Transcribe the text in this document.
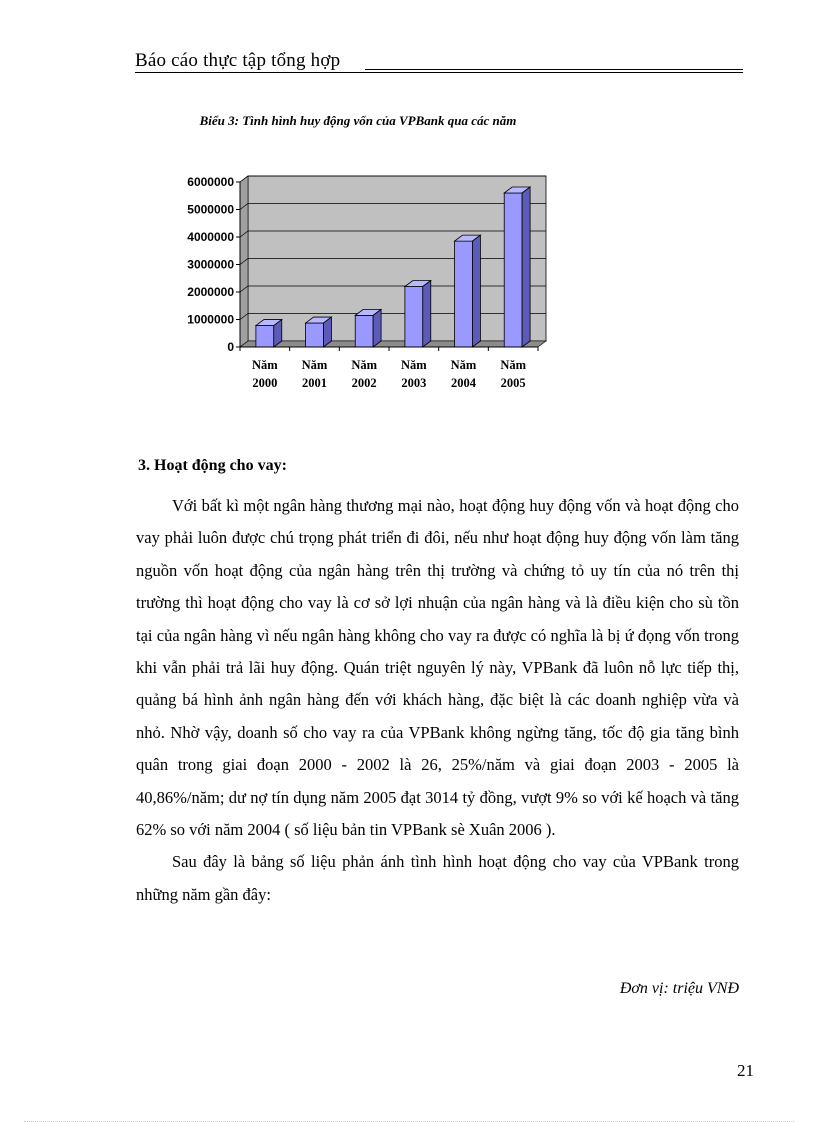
Báo cáo thực tập tổng hợp
Biểu 3: Tình hình huy động vốn của VPBank qua các năm
0
1000000
2000000
3000000
4000000
5000000
6000000
Năm 2000
Năm 2001
Năm 2002
Năm 2003
Năm 2004
Năm 2005
3. Hoạt động cho vay:

Với bất kì một ngân hàng thương mại nào, hoạt động huy động vốn và hoạt động cho vay phải luôn được chú trọng phát triển đi đôi, nếu như hoạt động huy động vốn làm tăng nguồn vốn hoạt động của ngân hàng trên thị trường và chứng tỏ uy tín của nó trên thị trường thì hoạt động cho vay là cơ sở lợi nhuận của ngân hàng và là điều kiện cho sù tồn tại của ngân hàng vì nếu ngân hàng không cho vay ra được có nghĩa là bị ứ đọng vốn trong khi vẫn phải trả lãi huy động. Quán triệt nguyên lý này, VPBank đã luôn nỗ lực tiếp thị, quảng bá hình ảnh ngân hàng đến với khách hàng, đặc biệt là các doanh nghiệp vừa và nhỏ. Nhờ vậy, doanh số cho vay ra của VPBank không ngừng tăng, tốc độ gia tăng bình quân trong giai đoạn 2000 - 2002 là 26, 25%/năm và giai đoạn 2003 - 2005 là 40,86%/năm; dư nợ tín dụng năm 2005 đạt 3014 tỷ đồng, vượt 9% so với kế hoạch và tăng 62% so với năm 2004 ( số liệu bản tin VPBank sè Xuân 2006 ).

Sau đây là bảng số liệu phản ánh tình hình hoạt động cho vay của VPBank trong những năm gần đây:

Đơn vị: triệu VNĐ
21
